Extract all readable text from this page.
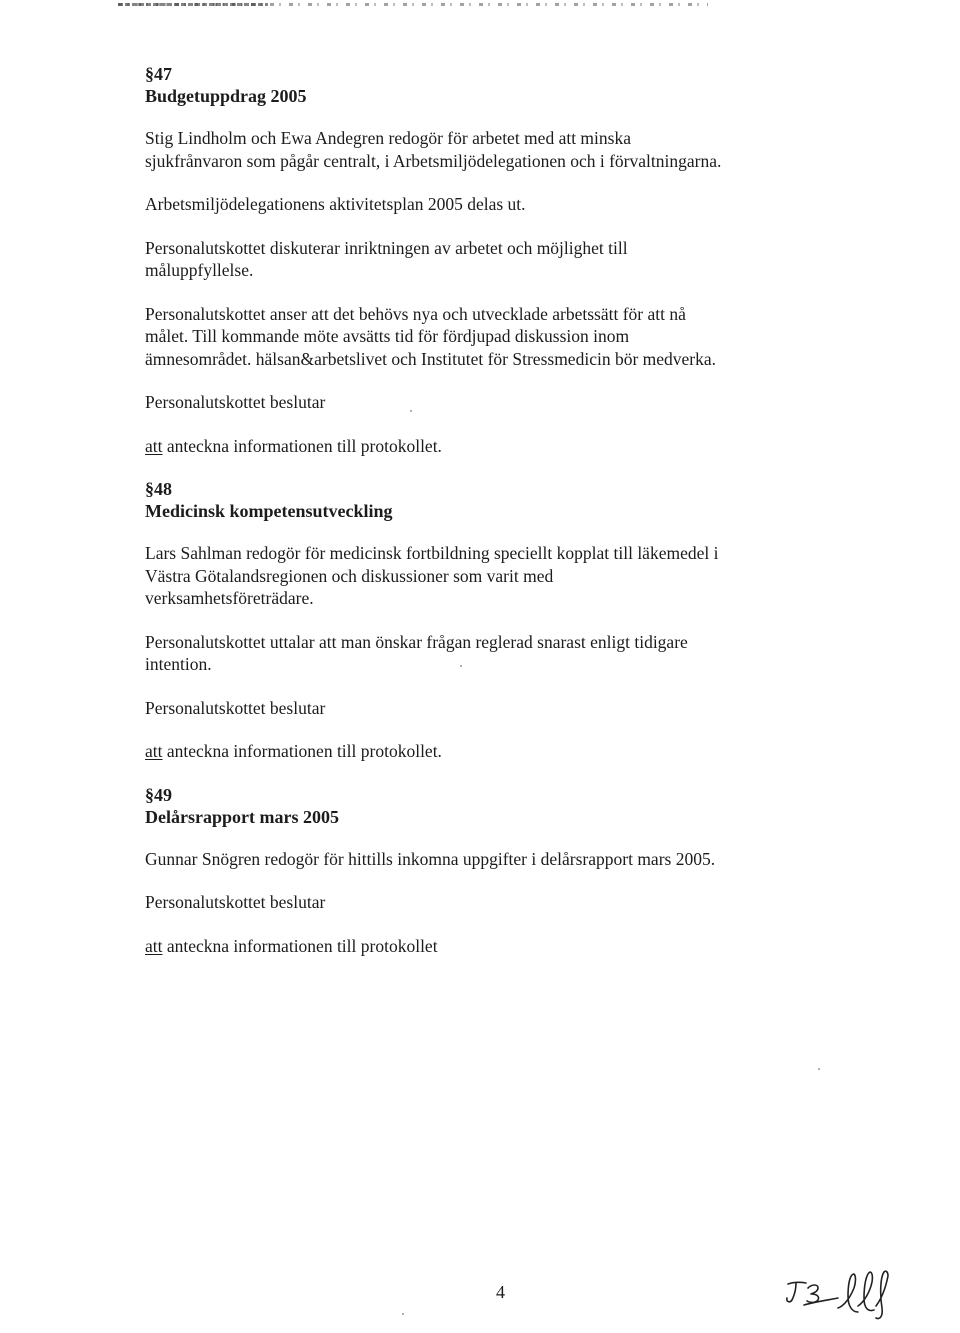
§47
Budgetuppdrag 2005

Stig Lindholm och Ewa Andegren redogör för arbetet med att minska sjukfrånvaron som pågår centralt, i Arbetsmiljödelegationen och i förvaltningarna.

Arbetsmiljödelegationens aktivitetsplan 2005 delas ut.

Personalutskottet diskuterar inriktningen av arbetet och möjlighet till måluppfyllelse.

Personalutskottet anser att det behövs nya och utvecklade arbetssätt för att nå målet. Till kommande möte avsätts tid för fördjupad diskussion inom ämnesområdet. hälsan&arbetslivet och Institutet för Stressmedicin bör medverka.

Personalutskottet beslutar

att anteckna informationen till protokollet.

§48
Medicinsk kompetensutveckling

Lars Sahlman redogör för medicinsk fortbildning speciellt kopplat till läkemedel i Västra Götalandsregionen och diskussioner som varit med verksamhetsföreträdare.

Personalutskottet uttalar att man önskar frågan reglerad snarast enligt tidigare intention.

Personalutskottet beslutar

att anteckna informationen till protokollet.

§49
Delårsrapport mars 2005

Gunnar Snögren redogör för hittills inkomna uppgifter i delårsrapport mars 2005.

Personalutskottet beslutar

att anteckna informationen till protokollet

4
